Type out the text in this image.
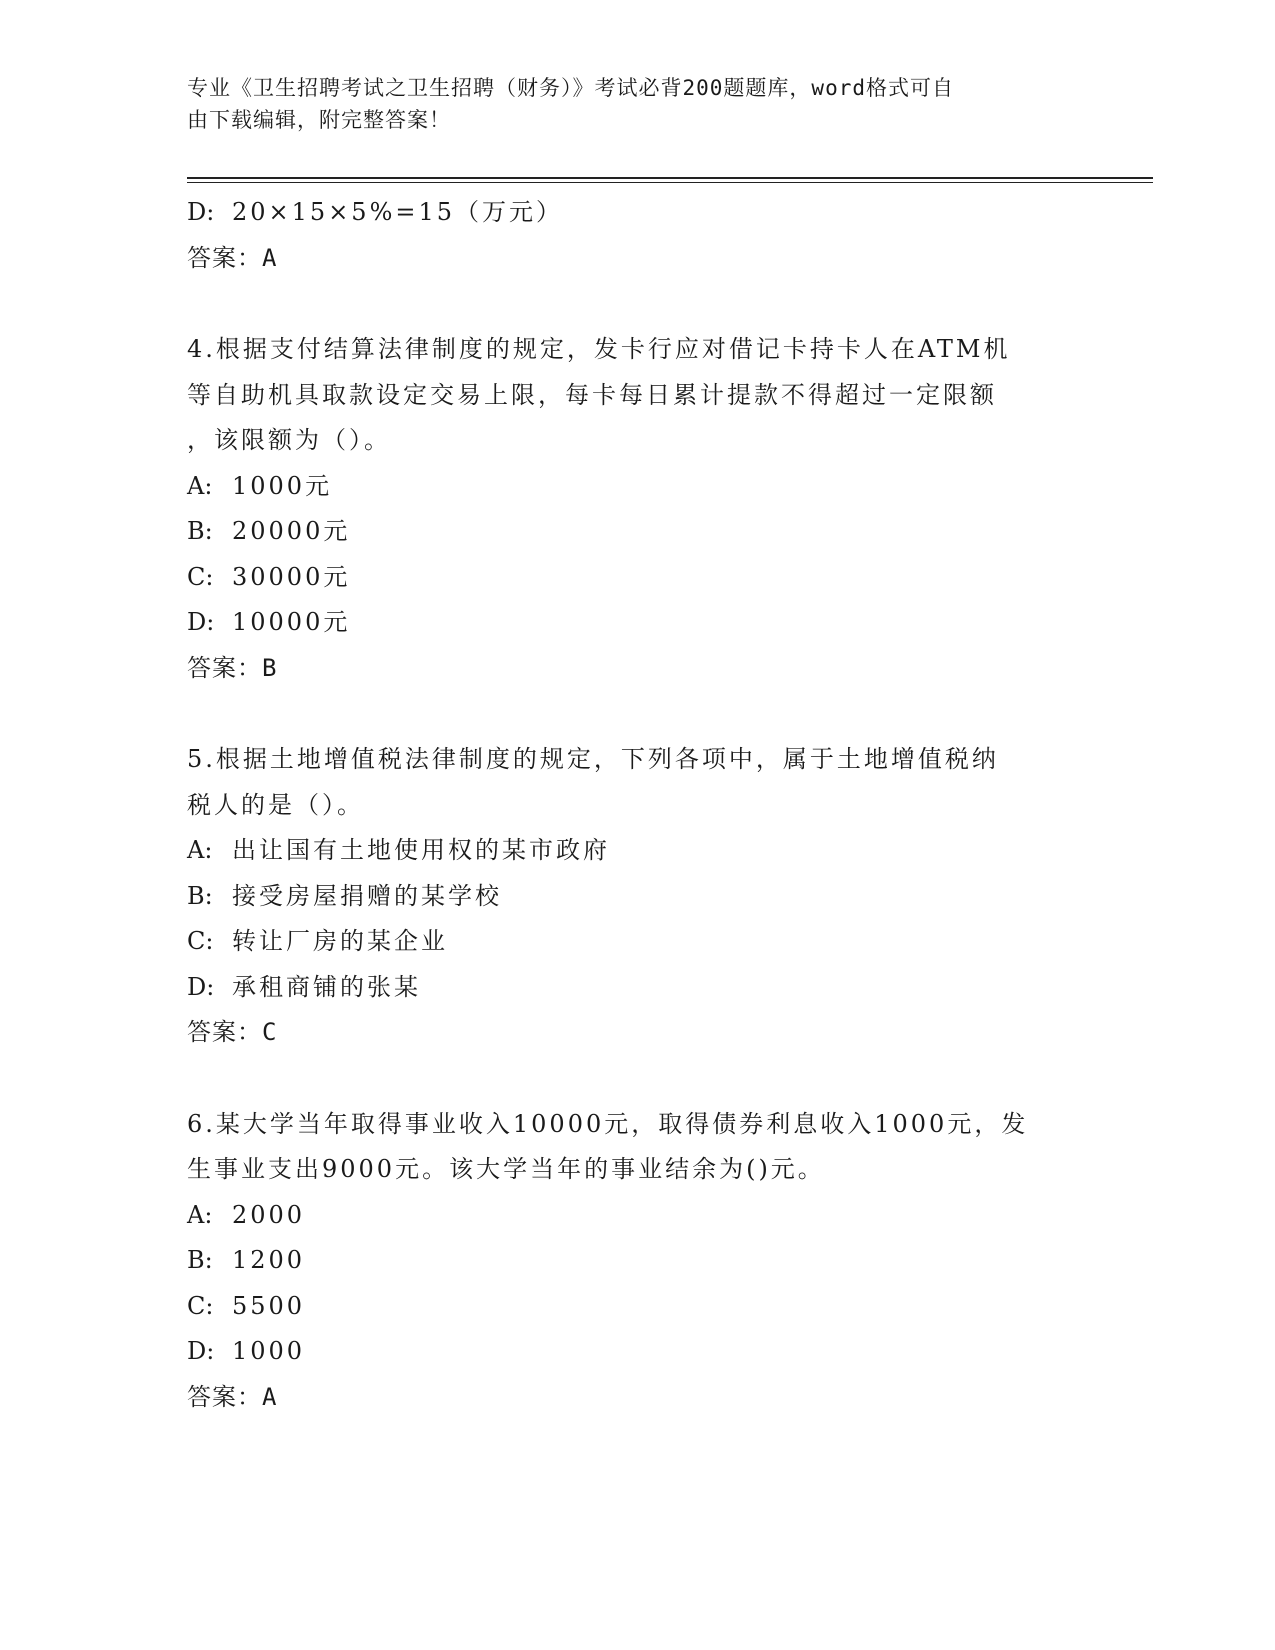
专业《卫生招聘考试之卫生招聘（财务）》考试必背200题题库，word格式可自
由下载编辑，附完整答案！
D: 20×15×5%=15（万元）
答案：A
4.根据支付结算法律制度的规定，发卡行应对借记卡持卡人在ATM机
等自助机具取款设定交易上限，每卡每日累计提款不得超过一定限额
，该限额为（）。
A: 1000元
B: 20000元
C: 30000元
D: 10000元
答案：B
5.根据土地增值税法律制度的规定，下列各项中，属于土地增值税纳
税人的是（）。
A: 出让国有土地使用权的某市政府
B: 接受房屋捐赠的某学校
C: 转让厂房的某企业
D: 承租商铺的张某
答案：C
6.某大学当年取得事业收入10000元，取得债券利息收入1000元，发
生事业支出9000元。该大学当年的事业结余为()元。
A: 2000
B: 1200
C: 5500
D: 1000
答案：A
